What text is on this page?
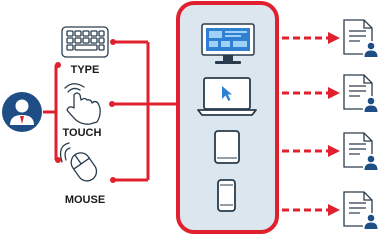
TYPE
TOUCH
MOUSE
